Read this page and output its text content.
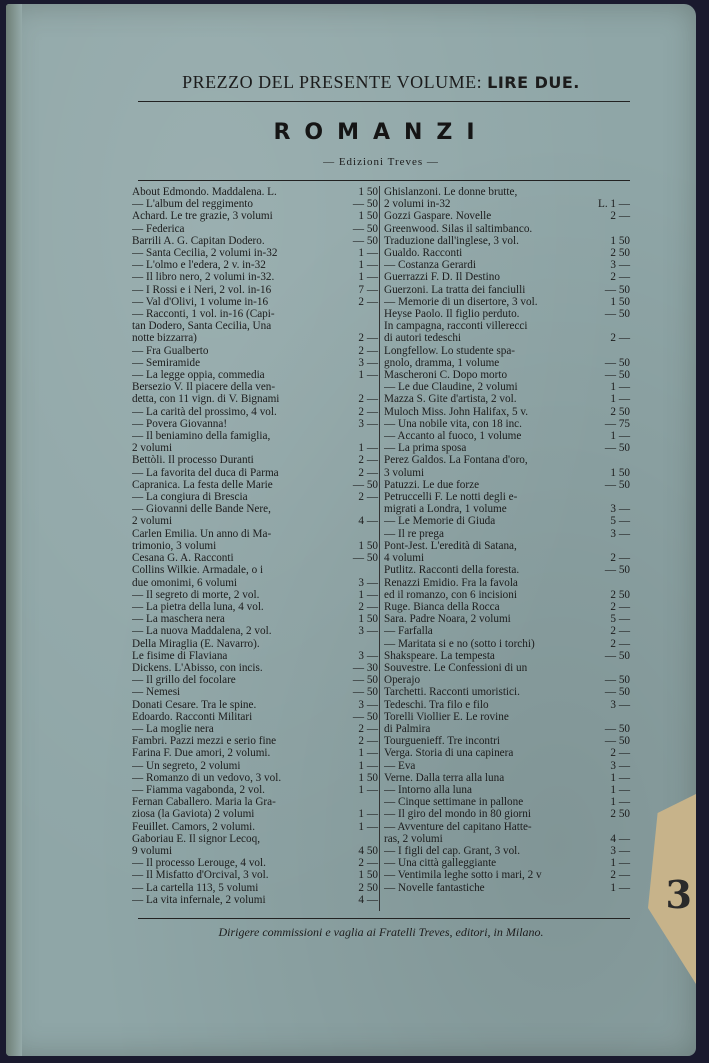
PREZZO DEL PRESENTE VOLUME: LIRE DUE.
ROMANZI
— Edizioni Treves —
About Edmondo. Maddalena. L.	1 50
— L'album del reggimento	— 50
Achard. Le tre grazie, 3 volumi	1 50
— Federica	— 50
Barrili A. G. Capitan Dodero.	— 50
— Santa Cecilia, 2 volumi in-32	1 —
— L'olmo e l'edera, 2 v. in-32	1 —
— Il libro nero, 2 volumi in-32.	1 —
— I Rossi e i Neri, 2 vol. in-16	7 —
— Val d'Olivi, 1 volume in-16	2 —
— Racconti, 1 vol. in-16 (Capi-
tan Dodero, Santa Cecilia, Una
notte bizzarra)	2 —
— Fra Gualberto	2 —
— Semiramide	3 —
— La legge oppia, commedia	1 —
Bersezio V. Il piacere della ven-
detta, con 11 vign. di V. Bignami	2 —
— La carità del prossimo, 4 vol.	2 —
— Povera Giovanna!	3 —
— Il beniamino della famiglia,
2 volumi	1 —
Bettòli. Il processo Duranti	2 —
— La favorita del duca di Parma	2 —
Capranica. La festa delle Marie	— 50
— La congiura di Brescia	2 —
— Giovanni delle Bande Nere,
2 volumi	4 —
Carlen Emilia. Un anno di Ma-
trimonio, 3 volumi	1 50
Cesana G. A. Racconti	— 50
Collins Wilkie. Armadale, o i
due omonimi, 6 volumi	3 —
— Il segreto di morte, 2 vol.	1 —
— La pietra della luna, 4 vol.	2 —
— La maschera nera	1 50
— La nuova Maddalena, 2 vol.	3 —
Della Miraglia (E. Navarro).
Le fisime di Flaviana	3 —
Dickens. L'Abisso, con incis.	— 30
— Il grillo del focolare	— 50
— Nemesi	— 50
Donati Cesare. Tra le spine.	3 —
Edoardo. Racconti Militari	— 50
— La moglie nera	2 —
Fambri. Pazzi mezzi e serio fine	2 —
Farina F. Due amori, 2 volumi.	1 —
— Un segreto, 2 volumi	1 —
— Romanzo di un vedovo, 3 vol.	1 50
— Fiamma vagabonda, 2 vol.	1 —
Fernan Caballero. Maria la Gra-
ziosa (la Gaviota) 2 volumi	1 —
Feuillet. Camors, 2 volumi.	1 —
Gaboriau E. Il signor Lecoq,
9 volumi	4 50
— Il processo Lerouge, 4 vol.	2 —
— Il Misfatto d'Orcival, 3 vol.	1 50
— La cartella 113, 5 volumi	2 50
— La vita infernale, 2 volumi	4 —
Ghislanzoni. Le donne brutte,
2 volumi in-32	L. 1 —
Gozzi Gaspare. Novelle	2 —
Greenwood. Silas il saltimbanco.
Traduzione dall'inglese, 3 vol.	1 50
Gualdo. Racconti	2 50
— Costanza Gerardi	3 —
Guerrazzi F. D. Il Destino	2 —
Guerzoni. La tratta dei fanciulli	— 50
— Memorie di un disertore, 3 vol.	1 50
Heyse Paolo. Il figlio perduto.	— 50
In campagna, racconti villerecci
di autori tedeschi	2 —
Longfellow. Lo studente spa-
gnolo, dramma, 1 volume	— 50
Mascheroni C. Dopo morto	— 50
— Le due Claudine, 2 volumi	1 —
Mazza S. Gite d'artista, 2 vol.	1 —
Muloch Miss. John Halifax, 5 v.	2 50
— Una nobile vita, con 18 inc.	— 75
— Accanto al fuoco, 1 volume	1 —
— La prima sposa	— 50
Perez Galdos. La Fontana d'oro,
3 volumi	1 50
Patuzzi. Le due forze	— 50
Petruccelli F. Le notti degli e-
migrati a Londra, 1 volume	3 —
— Le Memorie di Giuda	5 —
— Il re prega	3 —
Pont-Jest. L'eredità di Satana,
4 volumi	2 —
Putlitz. Racconti della foresta.	— 50
Renazzi Emidio. Fra la favola
ed il romanzo, con 6 incisioni	2 50
Ruge. Bianca della Rocca	2 —
Sara. Padre Noara, 2 volumi	5 —
— Farfalla	2 —
— Maritata si e no (sotto i torchi)	2 —
Shakspeare. La tempesta	— 50
Souvestre. Le Confessioni di un
Operajo	— 50
Tarchetti. Racconti umoristici.	— 50
Tedeschi. Tra filo e filo	3 —
Torelli Viollier E. Le rovine
di Palmira	— 50
Tourguenieff. Tre incontri	— 50
Verga. Storia di una capinera	2 —
— Eva	3 —
Verne. Dalla terra alla luna	1 —
— Intorno alla luna	1 —
— Cinque settimane in pallone	1 —
— Il giro del mondo in 80 giorni	2 50
— Avventure del capitano Hatte-
ras, 2 volumi	4 —
— I figli del cap. Grant, 3 vol.	3 —
— Una città galleggiante	1 —
— Ventimila leghe sotto i mari, 2 v	2 —
— Novelle fantastiche	1 —
Dirigere commissioni e vaglia ai Fratelli Treves, editori, in Milano.
3
